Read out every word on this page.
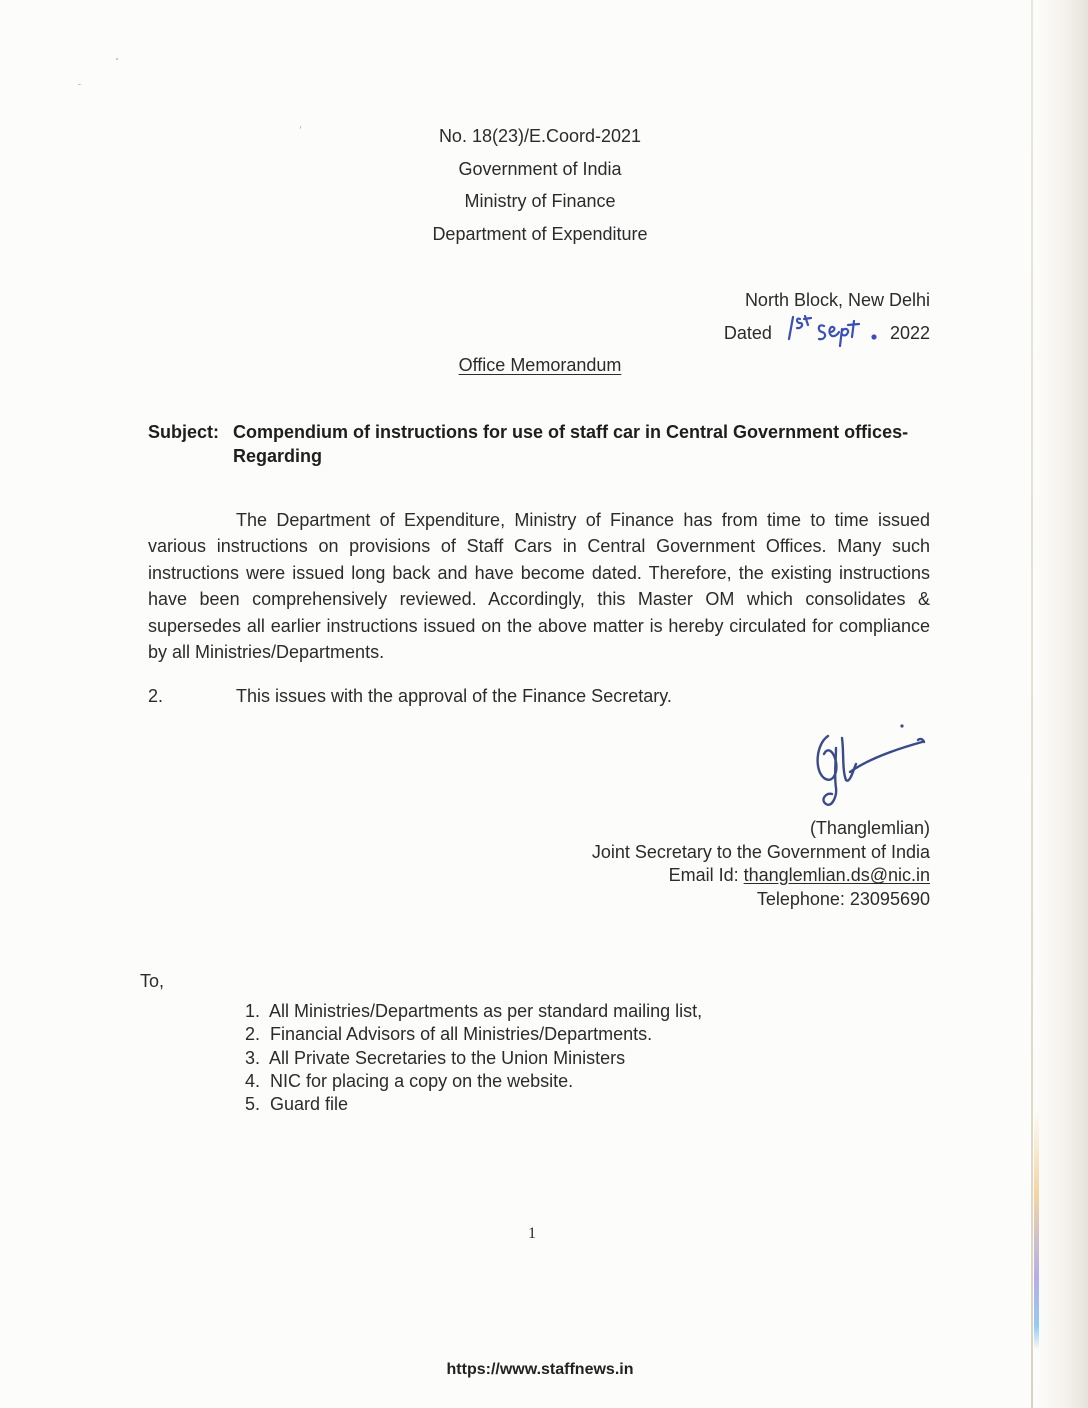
No. 18(23)/E.Coord-2021
Government of India
Ministry of Finance
Department of Expenditure
North Block, New Delhi
Dated	2022
Office Memorandum
Subject: Compendium of instructions for use of staff car in Central Government offices- Regarding
The Department of Expenditure, Ministry of Finance has from time to time issued various instructions on provisions of Staff Cars in Central Government Offices. Many such instructions were issued long back and have become dated. Therefore, the existing instructions have been comprehensively reviewed. Accordingly, this Master OM which consolidates & supersedes all earlier instructions issued on the above matter is hereby circulated for compliance by all Ministries/Departments.
2.	This issues with the approval of the Finance Secretary.
(Thanglemlian)
Joint Secretary to the Government of India
Email Id: thanglemlian.ds@nic.in
Telephone: 23095690
To,
1. All Ministries/Departments as per standard mailing list,
2. Financial Advisors of all Ministries/Departments.
3. All Private Secretaries to the Union Ministers
4. NIC for placing a copy on the website.
5. Guard file
1
https://www.staffnews.in
